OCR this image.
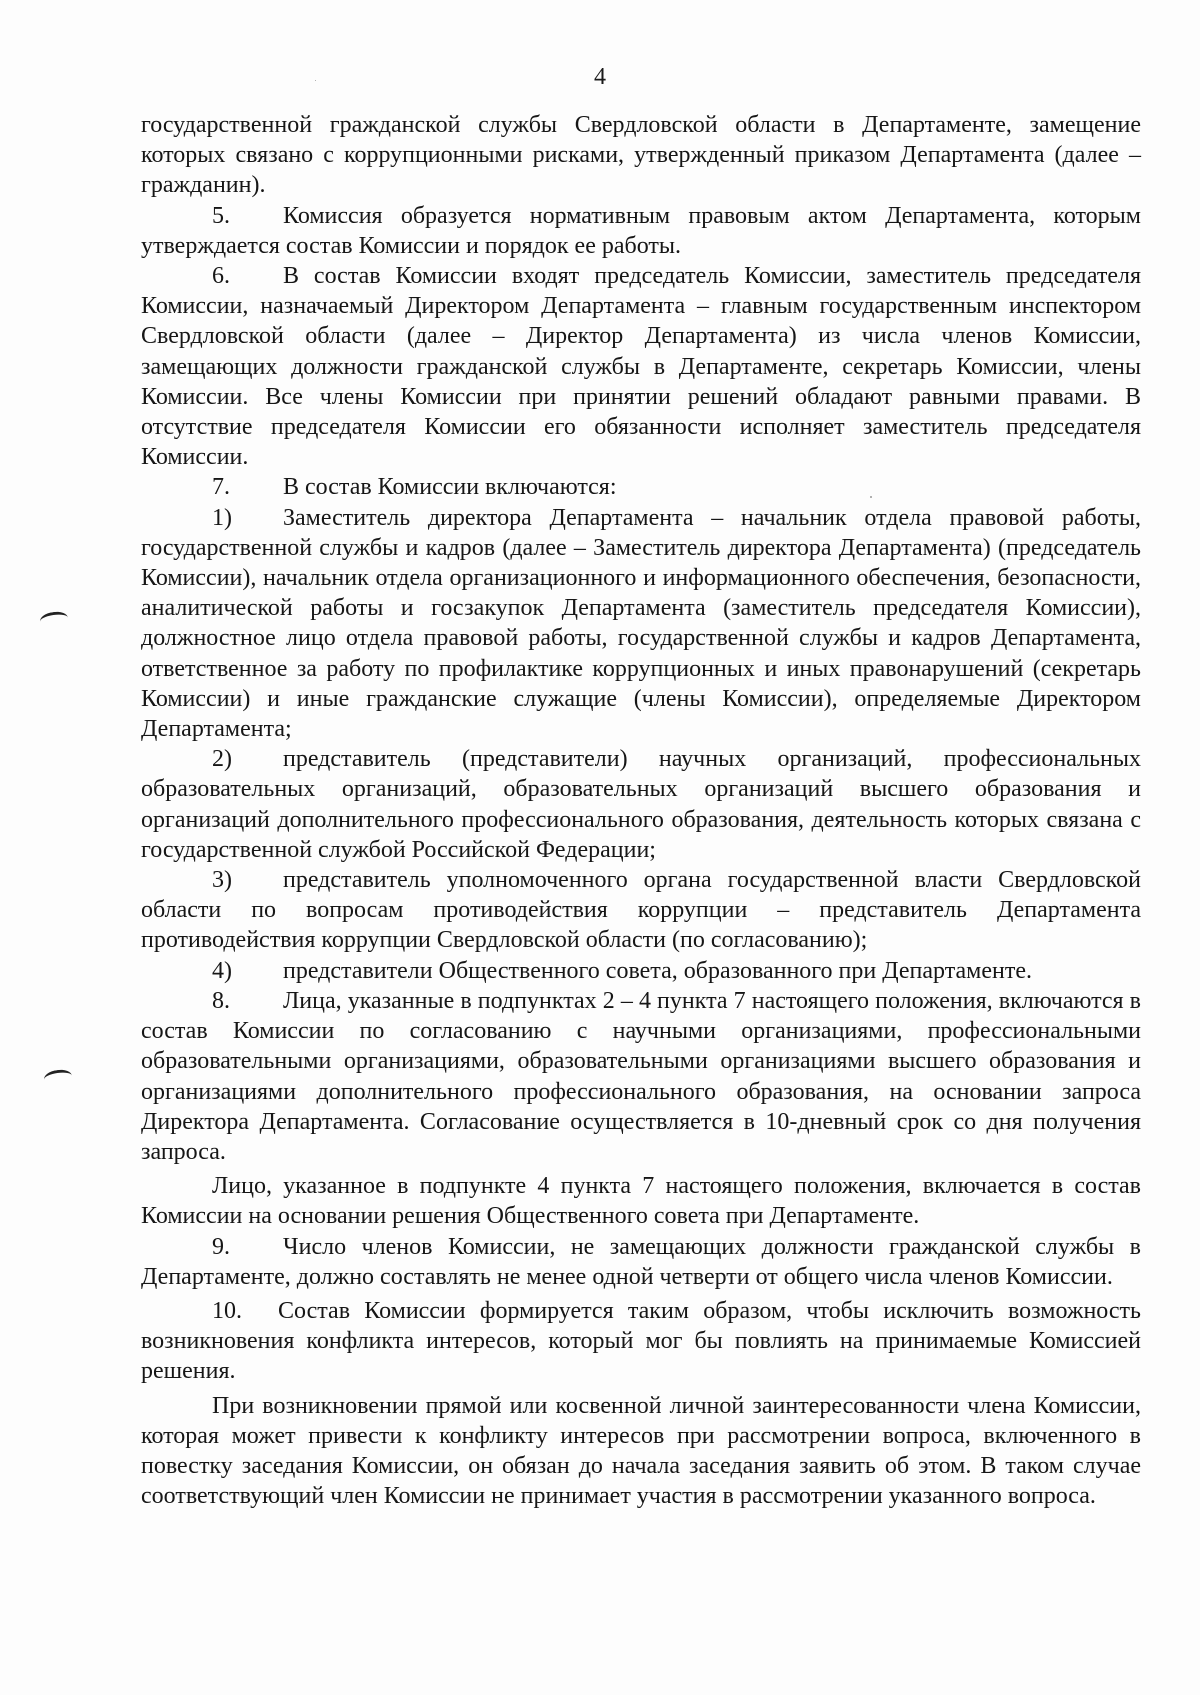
4

государственной гражданской службы Свердловской области в Департаменте, замещение которых связано с коррупционными рисками, утвержденный приказом Департамента (далее – гражданин).

5. Комиссия образуется нормативным правовым актом Департамента, которым утверждается состав Комиссии и порядок ее работы.

6. В состав Комиссии входят председатель Комиссии, заместитель председателя Комиссии, назначаемый Директором Департамента – главным государственным инспектором Свердловской области (далее – Директор Департамента) из числа членов Комиссии, замещающих должности гражданской службы в Департаменте, секретарь Комиссии, члены Комиссии. Все члены Комиссии при принятии решений обладают равными правами. В отсутствие председателя Комиссии его обязанности исполняет заместитель председателя Комиссии.

7. В состав Комиссии включаются:

1) Заместитель директора Департамента – начальник отдела правовой работы, государственной службы и кадров (далее – Заместитель директора Департамента) (председатель Комиссии), начальник отдела организационного и информационного обеспечения, безопасности, аналитической работы и госзакупок Департамента (заместитель председателя Комиссии), должностное лицо отдела правовой работы, государственной службы и кадров Департамента, ответственное за работу по профилактике коррупционных и иных правонарушений (секретарь Комиссии) и иные гражданские служащие (члены Комиссии), определяемые Директором Департамента;

2) представитель (представители) научных организаций, профессиональных образовательных организаций, образовательных организаций высшего образования и организаций дополнительного профессионального образования, деятельность которых связана с государственной службой Российской Федерации;

3) представитель уполномоченного органа государственной власти Свердловской области по вопросам противодействия коррупции – представитель Департамента противодействия коррупции Свердловской области (по согласованию);

4) представители Общественного совета, образованного при Департаменте.

8. Лица, указанные в подпунктах 2 – 4 пункта 7 настоящего положения, включаются в состав Комиссии по согласованию с научными организациями, профессиональными образовательными организациями, образовательными организациями высшего образования и организациями дополнительного профессионального образования, на основании запроса Директора Департамента. Согласование осуществляется в 10-дневный срок со дня получения запроса.

Лицо, указанное в подпункте 4 пункта 7 настоящего положения, включается в состав Комиссии на основании решения Общественного совета при Департаменте.

9. Число членов Комиссии, не замещающих должности гражданской службы в Департаменте, должно составлять не менее одной четверти от общего числа членов Комиссии.

10. Состав Комиссии формируется таким образом, чтобы исключить возможность возникновения конфликта интересов, который мог бы повлиять на принимаемые Комиссией решения.

При возникновении прямой или косвенной личной заинтересованности члена Комиссии, которая может привести к конфликту интересов при рассмотрении вопроса, включенного в повестку заседания Комиссии, он обязан до начала заседания заявить об этом. В таком случае соответствующий член Комиссии не принимает участия в рассмотрении указанного вопроса.
